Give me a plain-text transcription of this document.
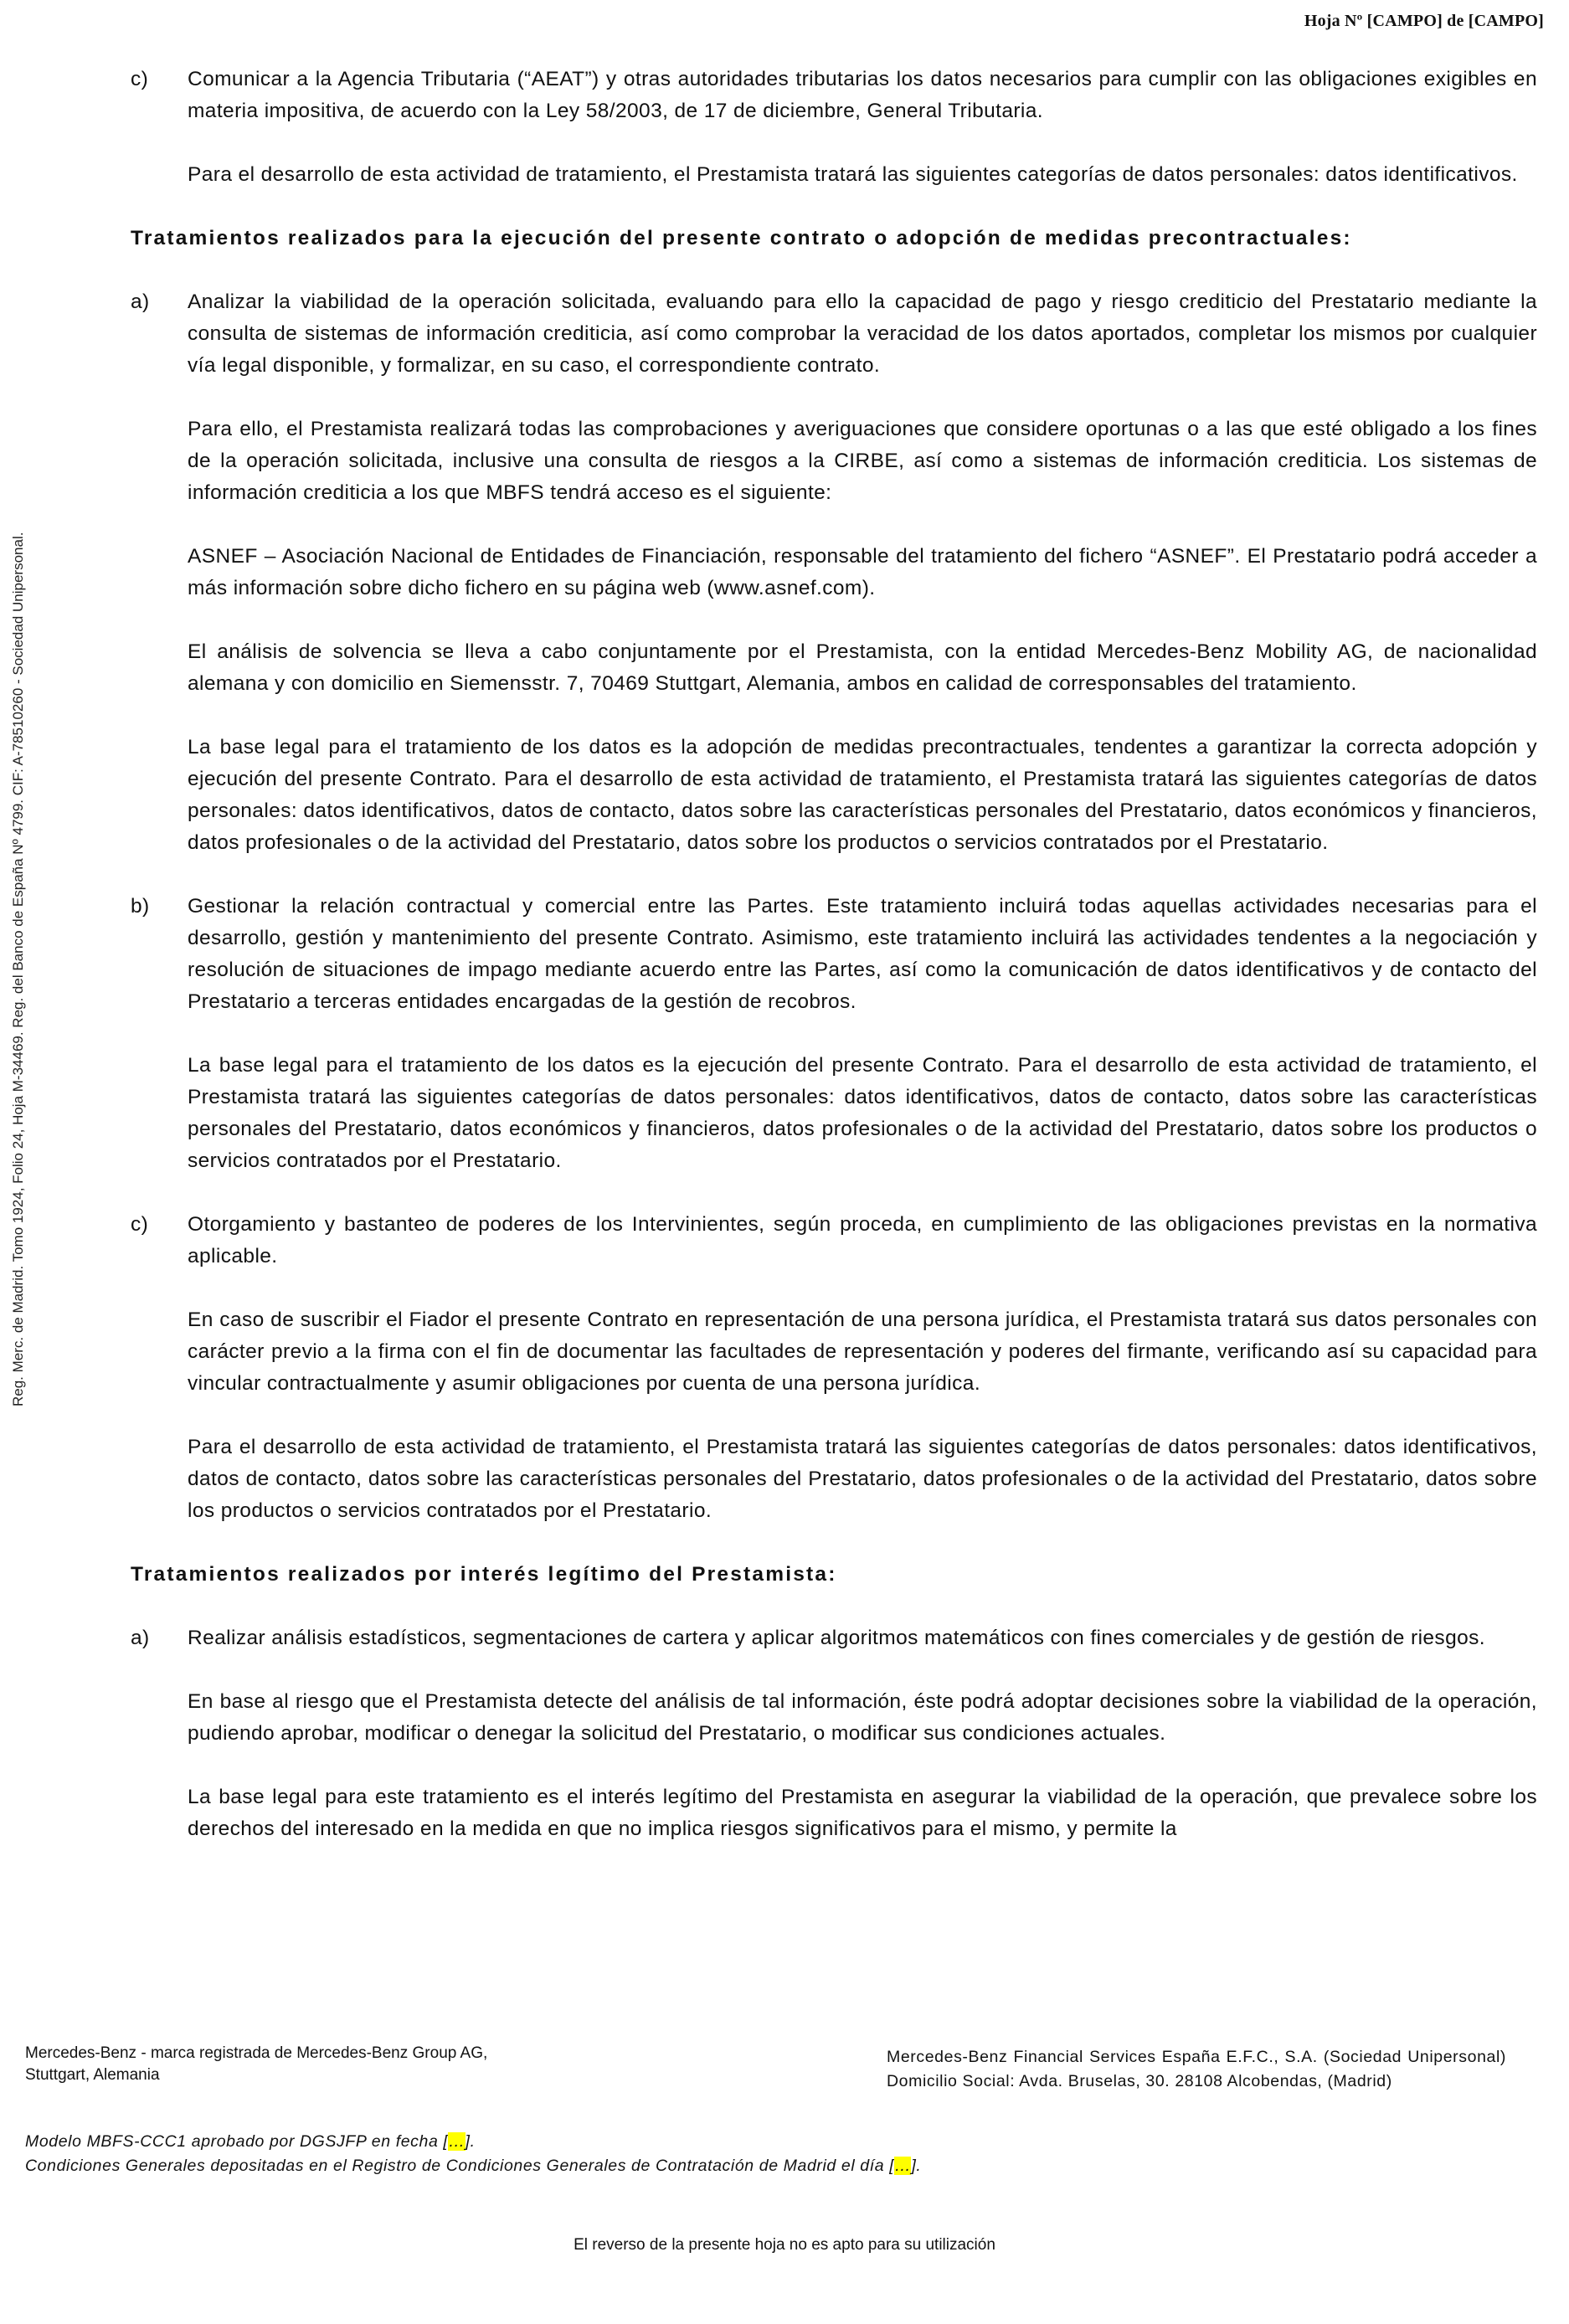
Hoja Nº [CAMPO] de [CAMPO]
Reg. Merc. de Madrid. Tomo 1924, Folio 24, Hoja M-34469. Reg. del Banco de España Nº 4799. CIF: A-78510260 - Sociedad Unipersonal.
c) Comunicar a la Agencia Tributaria (“AEAT”) y otras autoridades tributarias los datos necesarios para cumplir con las obligaciones exigibles en materia impositiva, de acuerdo con la Ley 58/2003, de 17 de diciembre, General Tributaria.

Para el desarrollo de esta actividad de tratamiento, el Prestamista tratará las siguientes categorías de datos personales: datos identificativos.

Tratamientos realizados para la ejecución del presente contrato o adopción de medidas precontractuales:
a) Analizar la viabilidad de la operación solicitada, evaluando para ello la capacidad de pago y riesgo crediticio del Prestatario mediante la consulta de sistemas de información crediticia, así como comprobar la veracidad de los datos aportados, completar los mismos por cualquier vía legal disponible, y formalizar, en su caso, el correspondiente contrato.

Para ello, el Prestamista realizará todas las comprobaciones y averiguaciones que considere oportunas o a las que esté obligado a los fines de la operación solicitada, inclusive una consulta de riesgos a la CIRBE, así como a sistemas de información crediticia. Los sistemas de información crediticia a los que MBFS tendrá acceso es el siguiente:

ASNEF – Asociación Nacional de Entidades de Financiación, responsable del tratamiento del fichero “ASNEF”. El Prestatario podrá acceder a más información sobre dicho fichero en su página web (www.asnef.com).

El análisis de solvencia se lleva a cabo conjuntamente por el Prestamista, con la entidad Mercedes-Benz Mobility AG, de nacionalidad alemana y con domicilio en Siemensstr. 7, 70469 Stuttgart, Alemania, ambos en calidad de corresponsables del tratamiento.

La base legal para el tratamiento de los datos es la adopción de medidas precontractuales, tendentes a garantizar la correcta adopción y ejecución del presente Contrato. Para el desarrollo de esta actividad de tratamiento, el Prestamista tratará las siguientes categorías de datos personales: datos identificativos, datos de contacto, datos sobre las características personales del Prestatario, datos económicos y financieros, datos profesionales o de la actividad del Prestatario, datos sobre los productos o servicios contratados por el Prestatario.

b) Gestionar la relación contractual y comercial entre las Partes. Este tratamiento incluirá todas aquellas actividades necesarias para el desarrollo, gestión y mantenimiento del presente Contrato. Asimismo, este tratamiento incluirá las actividades tendentes a la negociación y resolución de situaciones de impago mediante acuerdo entre las Partes, así como la comunicación de datos identificativos y de contacto del Prestatario a terceras entidades encargadas de la gestión de recobros.

La base legal para el tratamiento de los datos es la ejecución del presente Contrato. Para el desarrollo de esta actividad de tratamiento, el Prestamista tratará las siguientes categorías de datos personales: datos identificativos, datos de contacto, datos sobre las características personales del Prestatario, datos económicos y financieros, datos profesionales o de la actividad del Prestatario, datos sobre los productos o servicios contratados por el Prestatario.

c) Otorgamiento y bastanteo de poderes de los Intervinientes, según proceda, en cumplimiento de las obligaciones previstas en la normativa aplicable.

En caso de suscribir el Fiador el presente Contrato en representación de una persona jurídica, el Prestamista tratará sus datos personales con carácter previo a la firma con el fin de documentar las facultades de representación y poderes del firmante, verificando así su capacidad para vincular contractualmente y asumir obligaciones por cuenta de una persona jurídica.

Para el desarrollo de esta actividad de tratamiento, el Prestamista tratará las siguientes categorías de datos personales: datos identificativos, datos de contacto, datos sobre las características personales del Prestatario, datos profesionales o de la actividad del Prestatario, datos sobre los productos o servicios contratados por el Prestatario.

Tratamientos realizados por interés legítimo del Prestamista:
a) Realizar análisis estadísticos, segmentaciones de cartera y aplicar algoritmos matemáticos con fines comerciales y de gestión de riesgos.

En base al riesgo que el Prestamista detecte del análisis de tal información, éste podrá adoptar decisiones sobre la viabilidad de la operación, pudiendo aprobar, modificar o denegar la solicitud del Prestatario, o modificar sus condiciones actuales.

La base legal para este tratamiento es el interés legítimo del Prestamista en asegurar la viabilidad de la operación, que prevalece sobre los derechos del interesado en la medida en que no implica riesgos significativos para el mismo, y permite la

Mercedes-Benz - marca registrada de Mercedes-Benz Group AG,
Stuttgart, Alemania
Mercedes-Benz Financial Services España E.F.C., S.A. (Sociedad Unipersonal) Domicilio Social: Avda. Bruselas, 30. 28108 Alcobendas, (Madrid)
Modelo MBFS-CCC1 aprobado por DGSJFP en fecha […].
Condiciones Generales depositadas en el Registro de Condiciones Generales de Contratación de Madrid el día […].
El reverso de la presente hoja no es apto para su utilización
